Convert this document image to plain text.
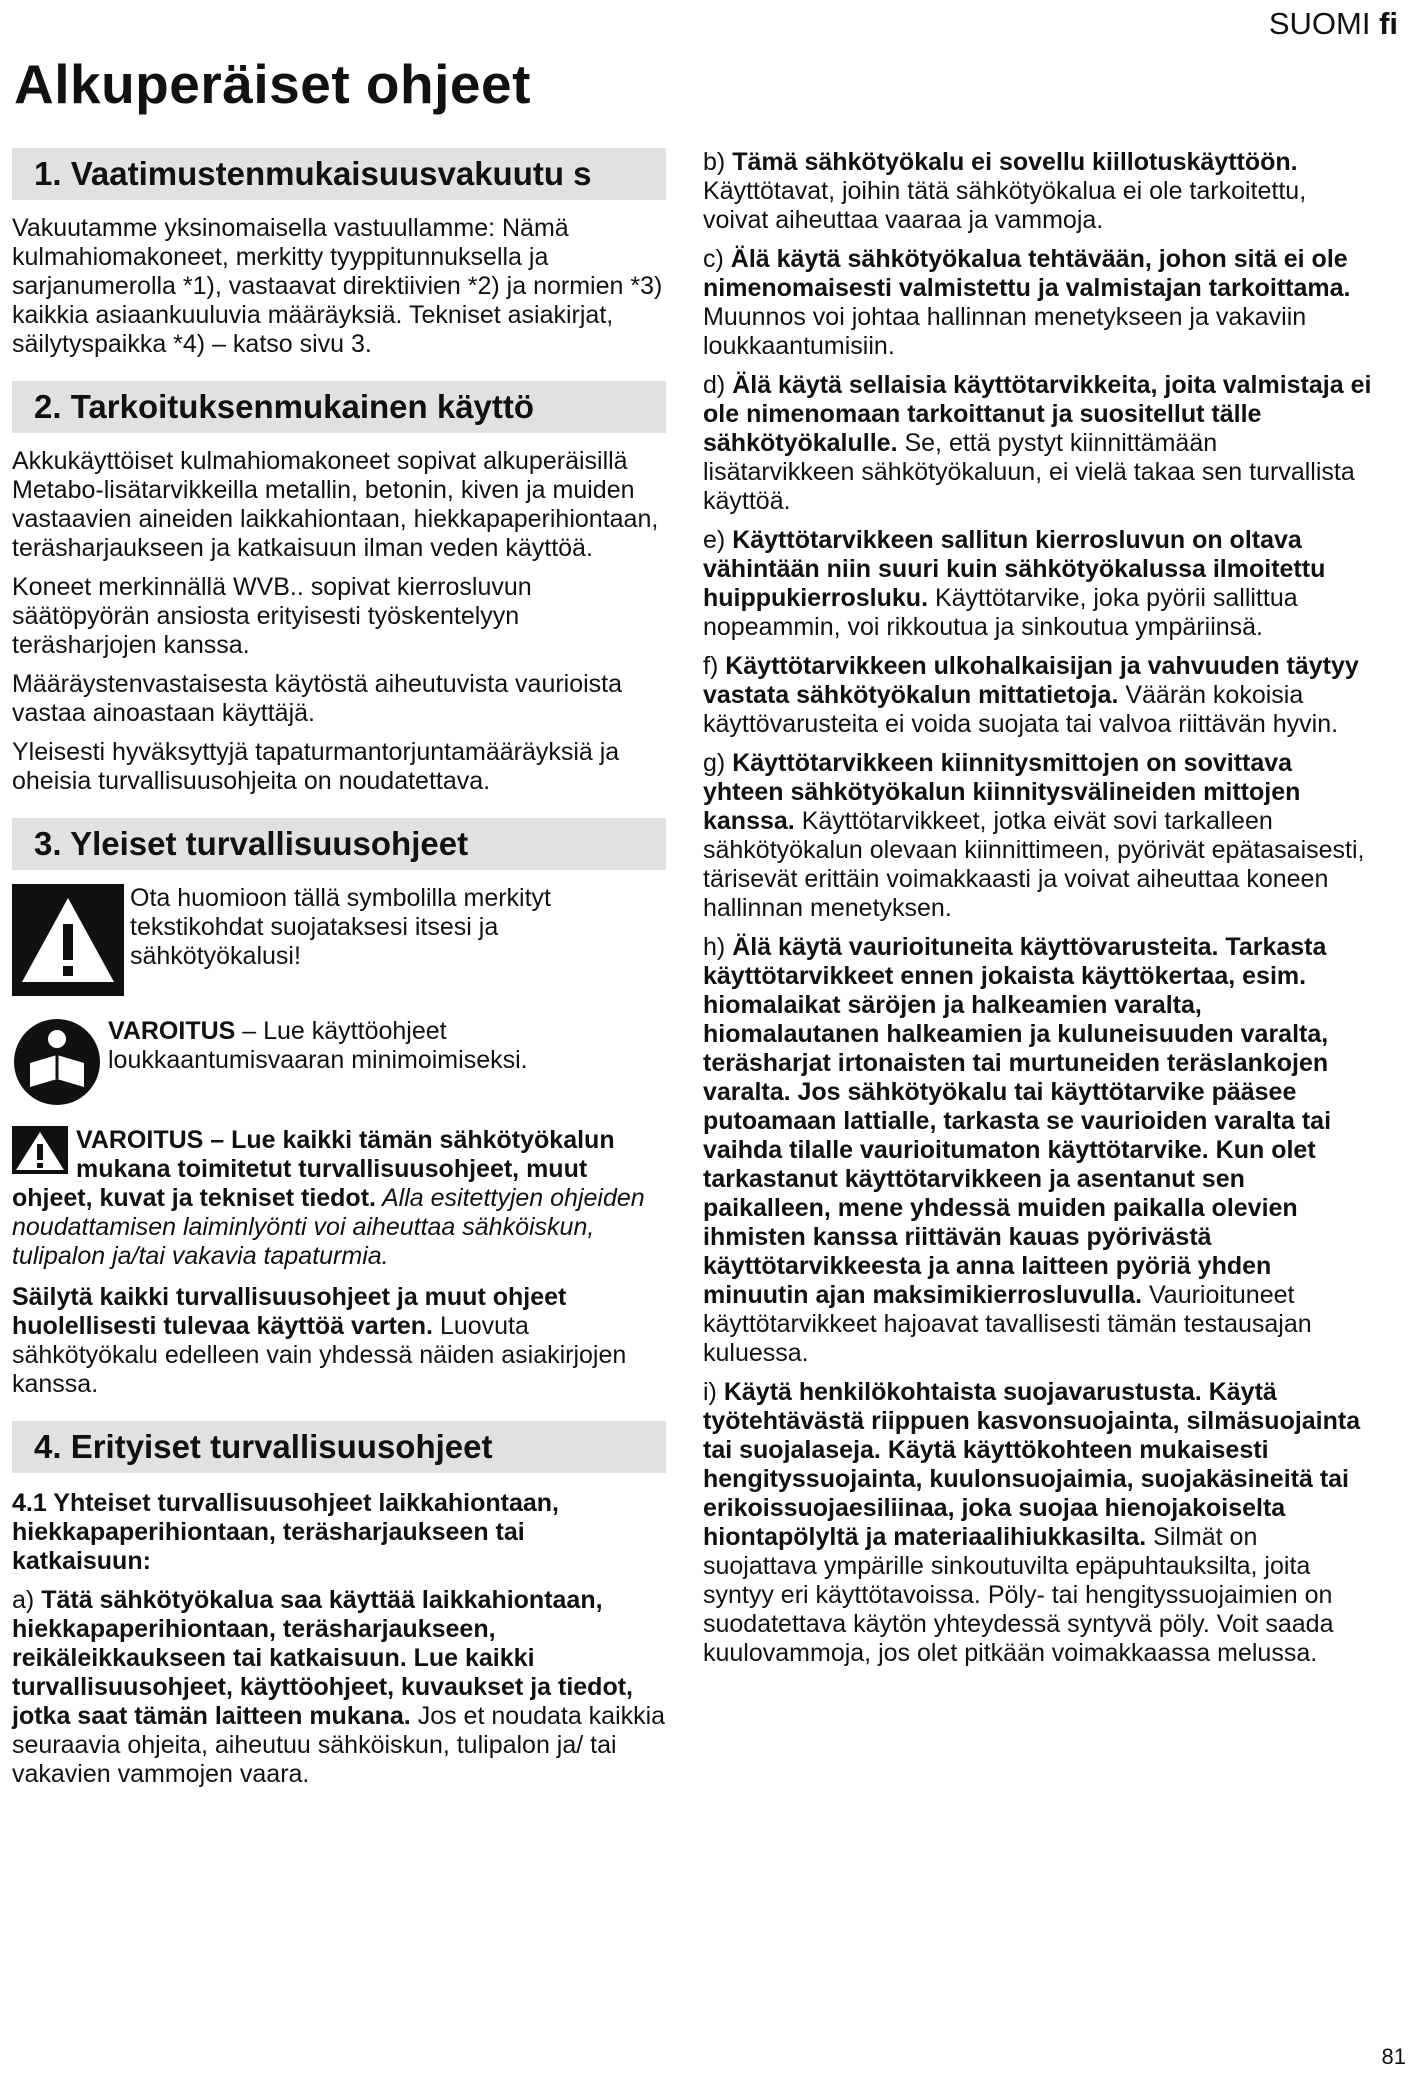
SUOMI fi
Alkuperäiset ohjeet
1. Vaatimustenmukaisuusvakuutu s

Vakuutamme yksinomaisella vastuullamme: Nämä kulmahiomakoneet, merkitty tyyppitunnuksella ja sarjanumerolla *1), vastaavat direktiivien *2) ja normien *3) kaikkia asiaankuuluvia määräyksiä. Tekniset asiakirjat, säilytyspaikka *4) – katso sivu 3.

2. Tarkoituksenmukainen käyttö

Akkukäyttöiset kulmahiomakoneet sopivat alkuperäisillä Metabo-lisätarvikkeilla metallin, betonin, kiven ja muiden vastaavien aineiden laikkahiontaan, hiekkapaperihiontaan, teräsharjaukseen ja katkaisuun ilman veden käyttöä.

Koneet merkinnällä WVB.. sopivat kierrosluvun säätöpyörän ansiosta erityisesti työskentelyyn teräsharjojen kanssa.

Määräystenvastaisesta käytöstä aiheutuvista vaurioista vastaa ainoastaan käyttäjä.

Yleisesti hyväksyttyjä tapaturmantorjuntamääräyksiä ja oheisia turvallisuusohjeita on noudatettava.

3. Yleiset turvallisuusohjeet
Ota huomioon tällä symbolilla merkityt tekstikohdat suojataksesi itsesi ja sähkötyökalusi!
VAROITUS – Lue käyttöohjeet loukkaantumisvaaran minimoimiseksi.
VAROITUS – Lue kaikki tämän sähkötyökalun mukana toimitetut turvallisuusohjeet, muut ohjeet, kuvat ja tekniset tiedot. Alla esitettyjen ohjeiden noudattamisen laiminlyönti voi aiheuttaa sähköiskun, tulipalon ja/tai vakavia tapaturmia.

Säilytä kaikki turvallisuusohjeet ja muut ohjeet huolellisesti tulevaa käyttöä varten. Luovuta sähkötyökalu edelleen vain yhdessä näiden asiakirjojen kanssa.

4. Erityiset turvallisuusohjeet
4.1 Yhteiset turvallisuusohjeet laikkahiontaan, hiekkapaperihiontaan, teräsharjaukseen tai katkaisuun:

a) Tätä sähkötyökalua saa käyttää laikkahiontaan, hiekkapaperihiontaan, teräsharjaukseen, reikäleikkaukseen tai katkaisuun. Lue kaikki turvallisuusohjeet, käyttöohjeet, kuvaukset ja tiedot, jotka saat tämän laitteen mukana. Jos et noudata kaikkia seuraavia ohjeita, aiheutuu sähköiskun, tulipalon ja/ tai vakavien vammojen vaara.

b) Tämä sähkötyökalu ei sovellu kiillotuskäyttöön. Käyttötavat, joihin tätä sähkötyökalua ei ole tarkoitettu, voivat aiheuttaa vaaraa ja vammoja.

c) Älä käytä sähkötyökalua tehtävään, johon sitä ei ole nimenomaisesti valmistettu ja valmistajan tarkoittama. Muunnos voi johtaa hallinnan menetykseen ja vakaviin loukkaantumisiin.

d) Älä käytä sellaisia käyttötarvikkeita, joita valmistaja ei ole nimenomaan tarkoittanut ja suositellut tälle sähkötyökalulle. Se, että pystyt kiinnittämään lisätarvikkeen sähkötyökaluun, ei vielä takaa sen turvallista käyttöä.

e) Käyttötarvikkeen sallitun kierrosluvun on oltava vähintään niin suuri kuin sähkötyökalussa ilmoitettu huippukierrosluku. Käyttötarvike, joka pyörii sallittua nopeammin, voi rikkoutua ja sinkoutua ympäriinsä.

f) Käyttötarvikkeen ulkohalkaisijan ja vahvuuden täytyy vastata sähkötyökalun mittatietoja. Väärän kokoisia käyttövarusteita ei voida suojata tai valvoa riittävän hyvin.

g) Käyttötarvikkeen kiinnitysmittojen on sovittava yhteen sähkötyökalun kiinnitysvälineiden mittojen kanssa. Käyttötarvikkeet, jotka eivät sovi tarkalleen sähkötyökalun olevaan kiinnittimeen, pyörivät epätasaisesti, tärisevät erittäin voimakkaasti ja voivat aiheuttaa koneen hallinnan menetyksen.

h) Älä käytä vaurioituneita käyttövarusteita. Tarkasta käyttötarvikkeet ennen jokaista käyttökertaa, esim. hiomalaikat säröjen ja halkeamien varalta, hiomalautanen halkeamien ja kuluneisuuden varalta, teräsharjat irtonaisten tai murtuneiden teräslankojen varalta. Jos sähkötyökalu tai käyttötarvike pääsee putoamaan lattialle, tarkasta se vaurioiden varalta tai vaihda tilalle vaurioitumaton käyttötarvike. Kun olet tarkastanut käyttötarvikkeen ja asentanut sen paikalleen, mene yhdessä muiden paikalla olevien ihmisten kanssa riittävän kauas pyörivästä käyttötarvikkeesta ja anna laitteen pyöriä yhden minuutin ajan maksimikierrosluvulla. Vaurioituneet käyttötarvikkeet hajoavat tavallisesti tämän testausajan kuluessa.

i) Käytä henkilökohtaista suojavarustusta. Käytä työtehtävästä riippuen kasvonsuojainta, silmäsuojainta tai suojalaseja. Käytä käyttökohteen mukaisesti hengityssuojainta, kuulonsuojaimia, suojakäsineitä tai erikoissuojaesiliinaa, joka suojaa hienojakoiselta hiontapölyltä ja materiaalihiukkasilta. Silmät on suojattava ympärille sinkoutuvilta epäpuhtauksilta, joita syntyy eri käyttötavoissa. Pöly- tai hengityssuojaimien on suodatettava käytön yhteydessä syntyvä pöly. Voit saada kuulovammoja, jos olet pitkään voimakkaassa melussa.

81
